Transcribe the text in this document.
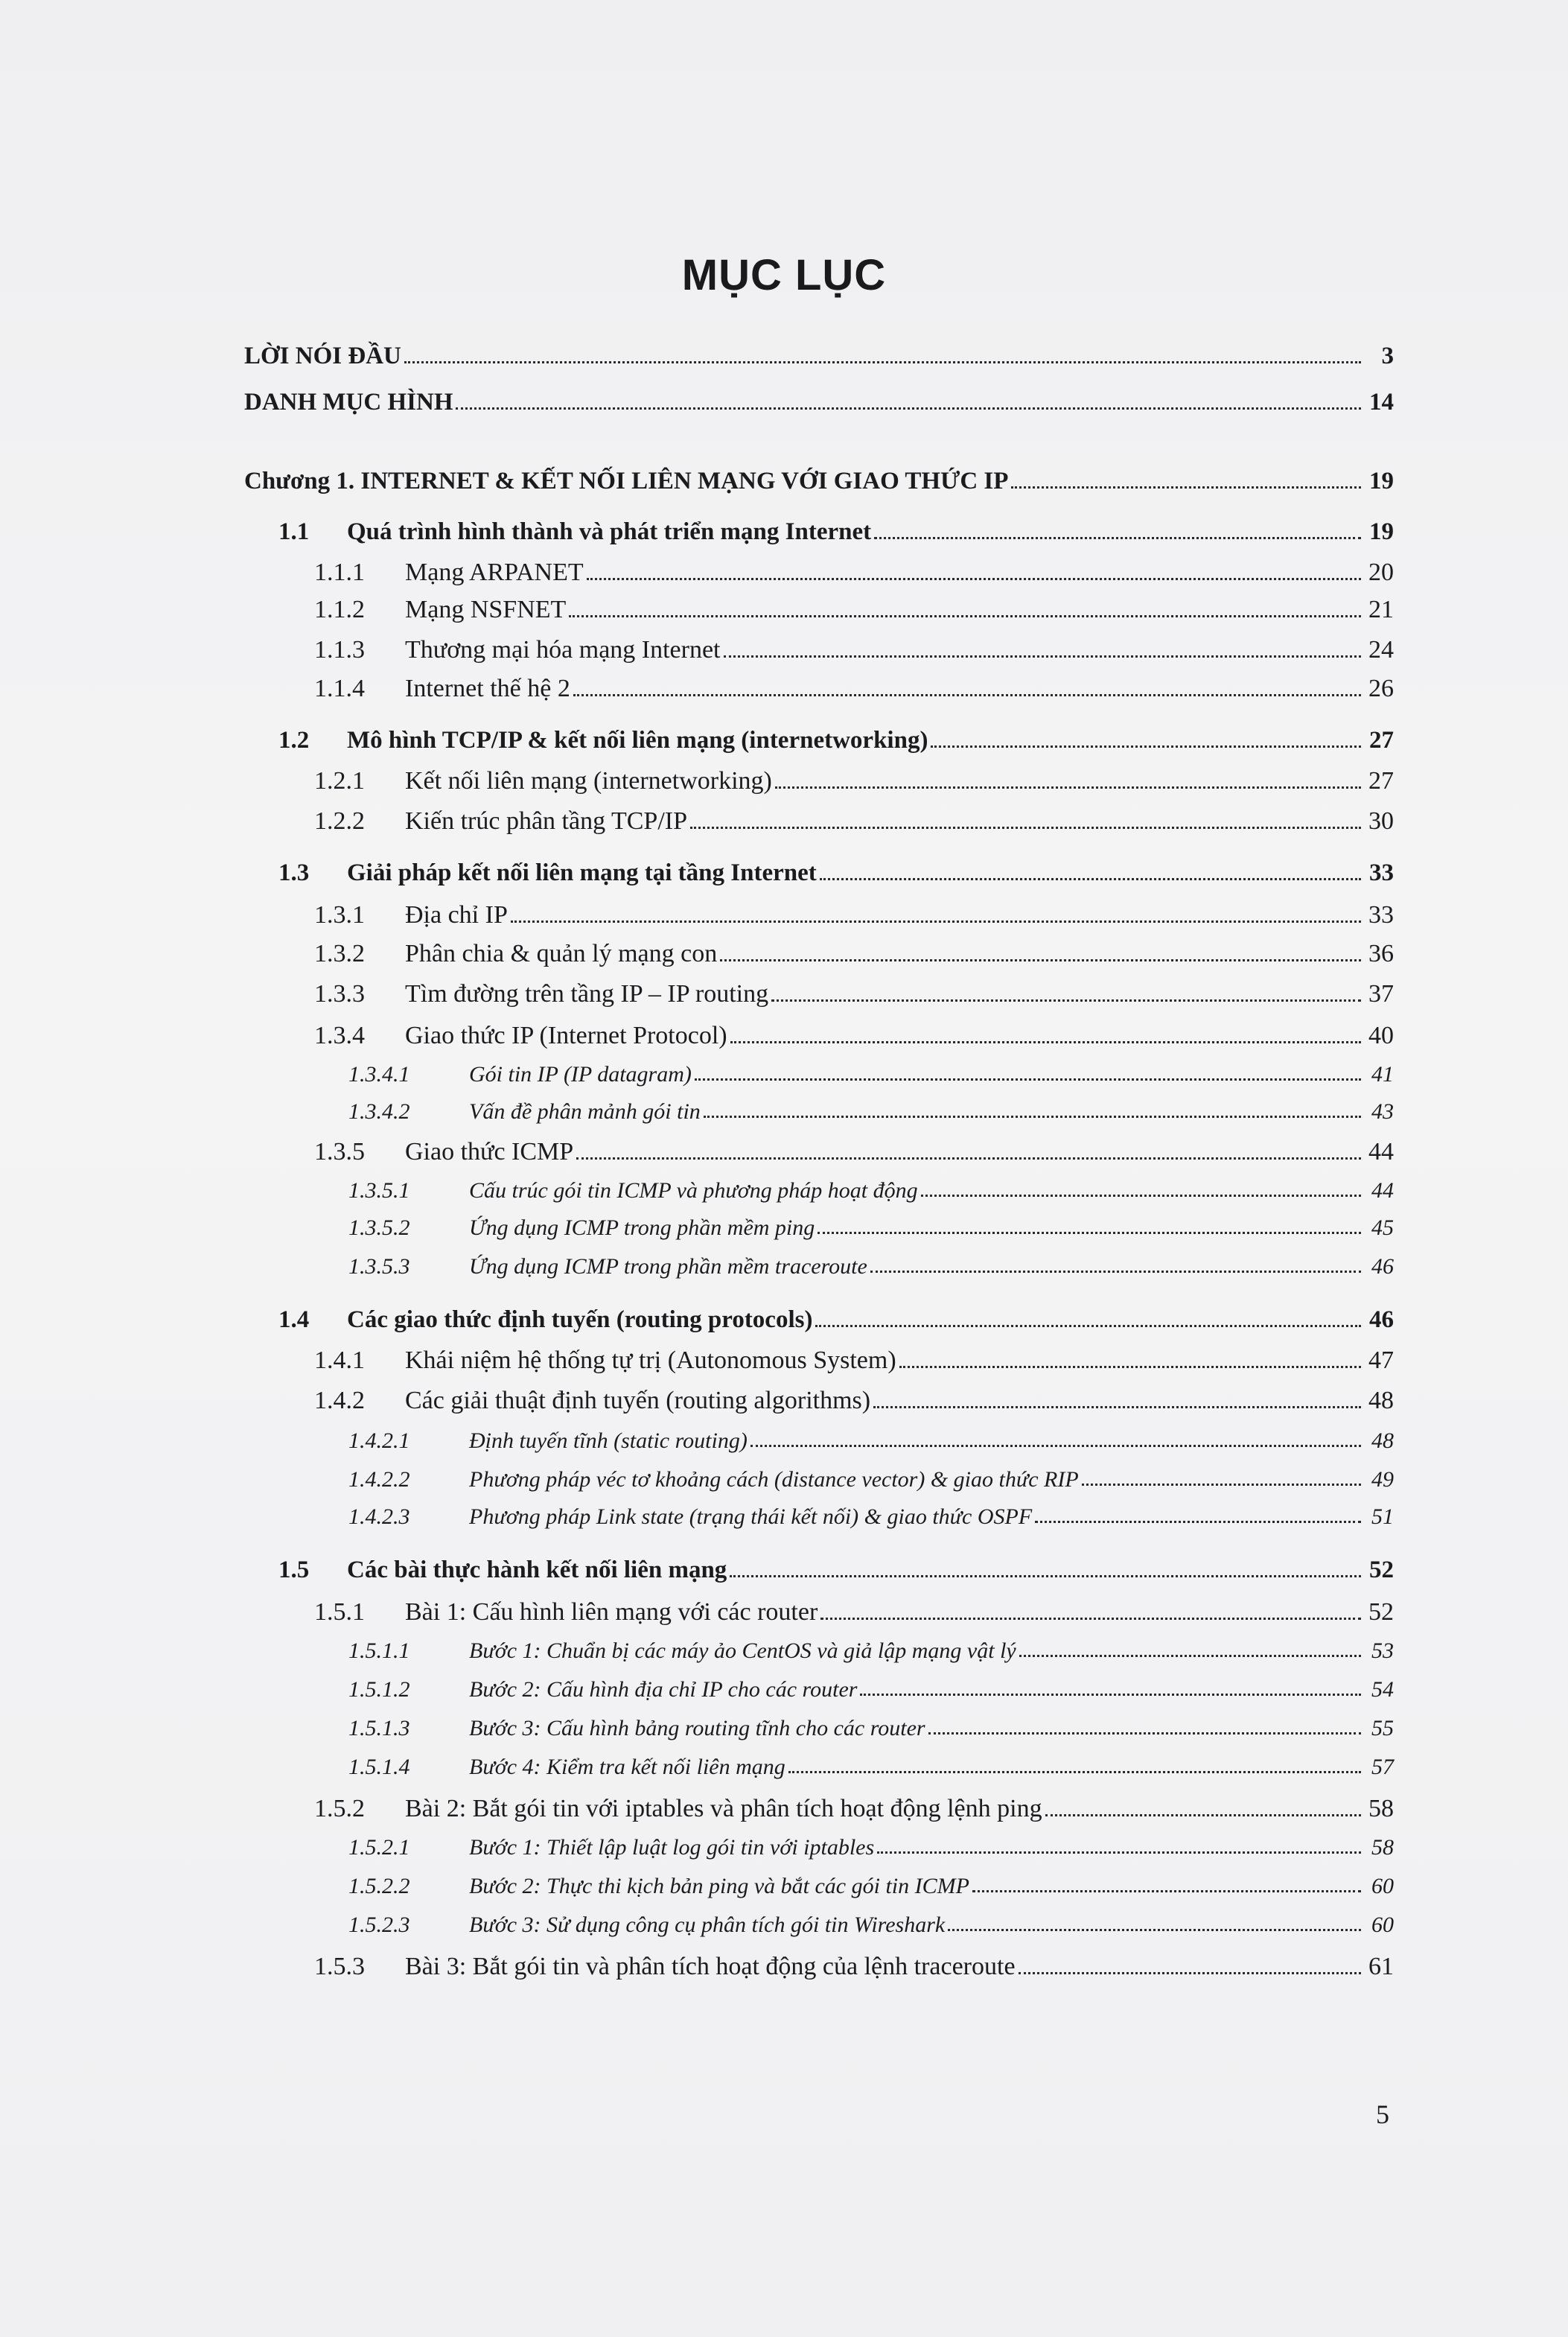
MỤC LỤC
LỜI NÓI ĐẦU	3
DANH MỤC HÌNH	14
Chương 1. INTERNET & KẾT NỐI LIÊN MẠNG VỚI GIAO THỨC IP	19
1.1	Quá trình hình thành và phát triển mạng Internet	19
1.1.1	Mạng ARPANET	20
1.1.2	Mạng NSFNET	21
1.1.3	Thương mại hóa mạng Internet	24
1.1.4	Internet thế hệ 2	26
1.2	Mô hình TCP/IP & kết nối liên mạng (internetworking)	27
1.2.1	Kết nối liên mạng (internetworking)	27
1.2.2	Kiến trúc phân tầng TCP/IP	30
1.3	Giải pháp kết nối liên mạng tại tầng Internet	33
1.3.1	Địa chỉ IP	33
1.3.2	Phân chia & quản lý mạng con	36
1.3.3	Tìm đường trên tầng IP – IP routing	37
1.3.4	Giao thức IP (Internet Protocol)	40
1.3.4.1	Gói tin IP (IP datagram)	41
1.3.4.2	Vấn đề phân mảnh gói tin	43
1.3.5	Giao thức ICMP	44
1.3.5.1	Cấu trúc gói tin ICMP và phương pháp hoạt động	44
1.3.5.2	Ứng dụng ICMP trong phần mềm ping	45
1.3.5.3	Ứng dụng ICMP trong phần mềm traceroute	46
1.4	Các giao thức định tuyến (routing protocols)	46
1.4.1	Khái niệm hệ thống tự trị (Autonomous System)	47
1.4.2	Các giải thuật định tuyến (routing algorithms)	48
1.4.2.1	Định tuyến tĩnh (static routing)	48
1.4.2.2	Phương pháp véc tơ khoảng cách (distance vector) & giao thức RIP	49
1.4.2.3	Phương pháp Link state (trạng thái kết nối) & giao thức OSPF	51
1.5	Các bài thực hành kết nối liên mạng	52
1.5.1	Bài 1: Cấu hình liên mạng với các router	52
1.5.1.1	Bước 1: Chuẩn bị các máy ảo CentOS và giả lập mạng vật lý	53
1.5.1.2	Bước 2: Cấu hình địa chỉ IP cho các router	54
1.5.1.3	Bước 3: Cấu hình bảng routing tĩnh cho các router	55
1.5.1.4	Bước 4: Kiểm tra kết nối liên mạng	57
1.5.2	Bài 2: Bắt gói tin với iptables và phân tích hoạt động lệnh ping	58
1.5.2.1	Bước 1: Thiết lập luật log gói tin với iptables	58
1.5.2.2	Bước 2: Thực thi kịch bản ping và bắt các gói tin ICMP	60
1.5.2.3	Bước 3: Sử dụng công cụ phân tích gói tin Wireshark	60
1.5.3	Bài 3: Bắt gói tin và phân tích hoạt động của lệnh traceroute	61
5
